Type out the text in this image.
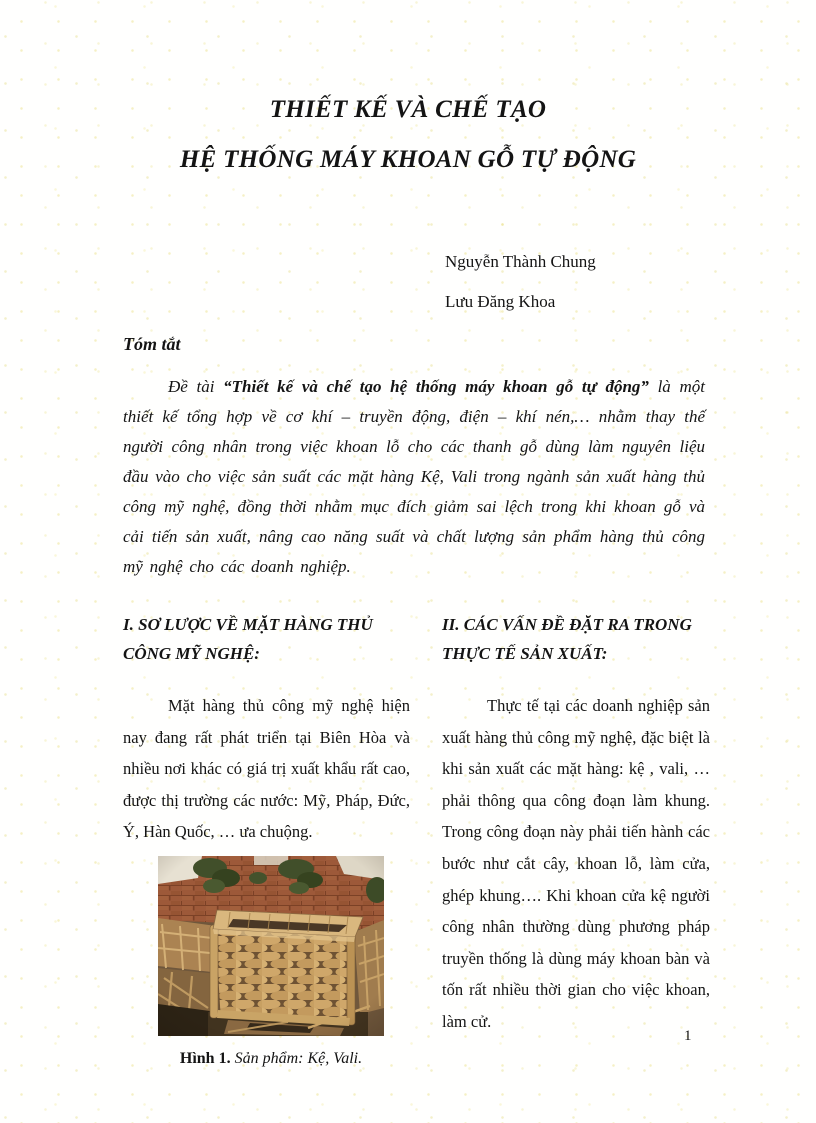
THIẾT KẾ VÀ CHẾ TẠO
HỆ THỐNG MÁY KHOAN GỖ TỰ ĐỘNG
Nguyễn Thành Chung
Lưu Đăng Khoa
Tóm tắt

Đề tài “Thiết kế và chế tạo hệ thống máy khoan gỗ tự động” là một thiết kế tổng hợp về cơ khí – truyền động, điện – khí nén,… nhằm thay thế người công nhân trong việc khoan lỗ cho các thanh gỗ dùng làm nguyên liệu đầu vào cho việc sản suất các mặt hàng Kệ, Vali trong ngành sản xuất hàng thủ công mỹ nghệ, đồng thời nhằm mục đích giảm sai lệch trong khi khoan gỗ và cải tiến sản xuất, nâng cao năng suất và chất lượng sản phẩm hàng thủ công mỹ nghệ cho các doanh nghiệp.

I. SƠ LƯỢC VỀ MẶT HÀNG THỦ CÔNG MỸ NGHỆ:

Mặt hàng thủ công mỹ nghệ hiện nay đang rất phát triển tại Biên Hòa và nhiều nơi khác có giá trị xuất khẩu rất cao, được thị trường các nước: Mỹ, Pháp, Đức, Ý, Hàn Quốc, … ưa chuộng.

Hình 1. Sản phẩm: Kệ, Vali.

II. CÁC VẤN ĐỀ ĐẶT RA TRONG THỰC TẾ SẢN XUẤT:

Thực tế tại các doanh nghiệp sản xuất hàng thủ công mỹ nghệ, đặc biệt là khi sản xuất các mặt hàng: kệ , vali, … phải thông qua công đoạn làm khung. Trong công đoạn này phải tiến hành các bước như cắt cây, khoan lỗ, làm cửa, ghép khung…. Khi khoan cửa kệ người công nhân thường dùng phương pháp truyền thống là dùng máy khoan bàn và tốn rất nhiều thời gian cho việc khoan, làm cử.

1
